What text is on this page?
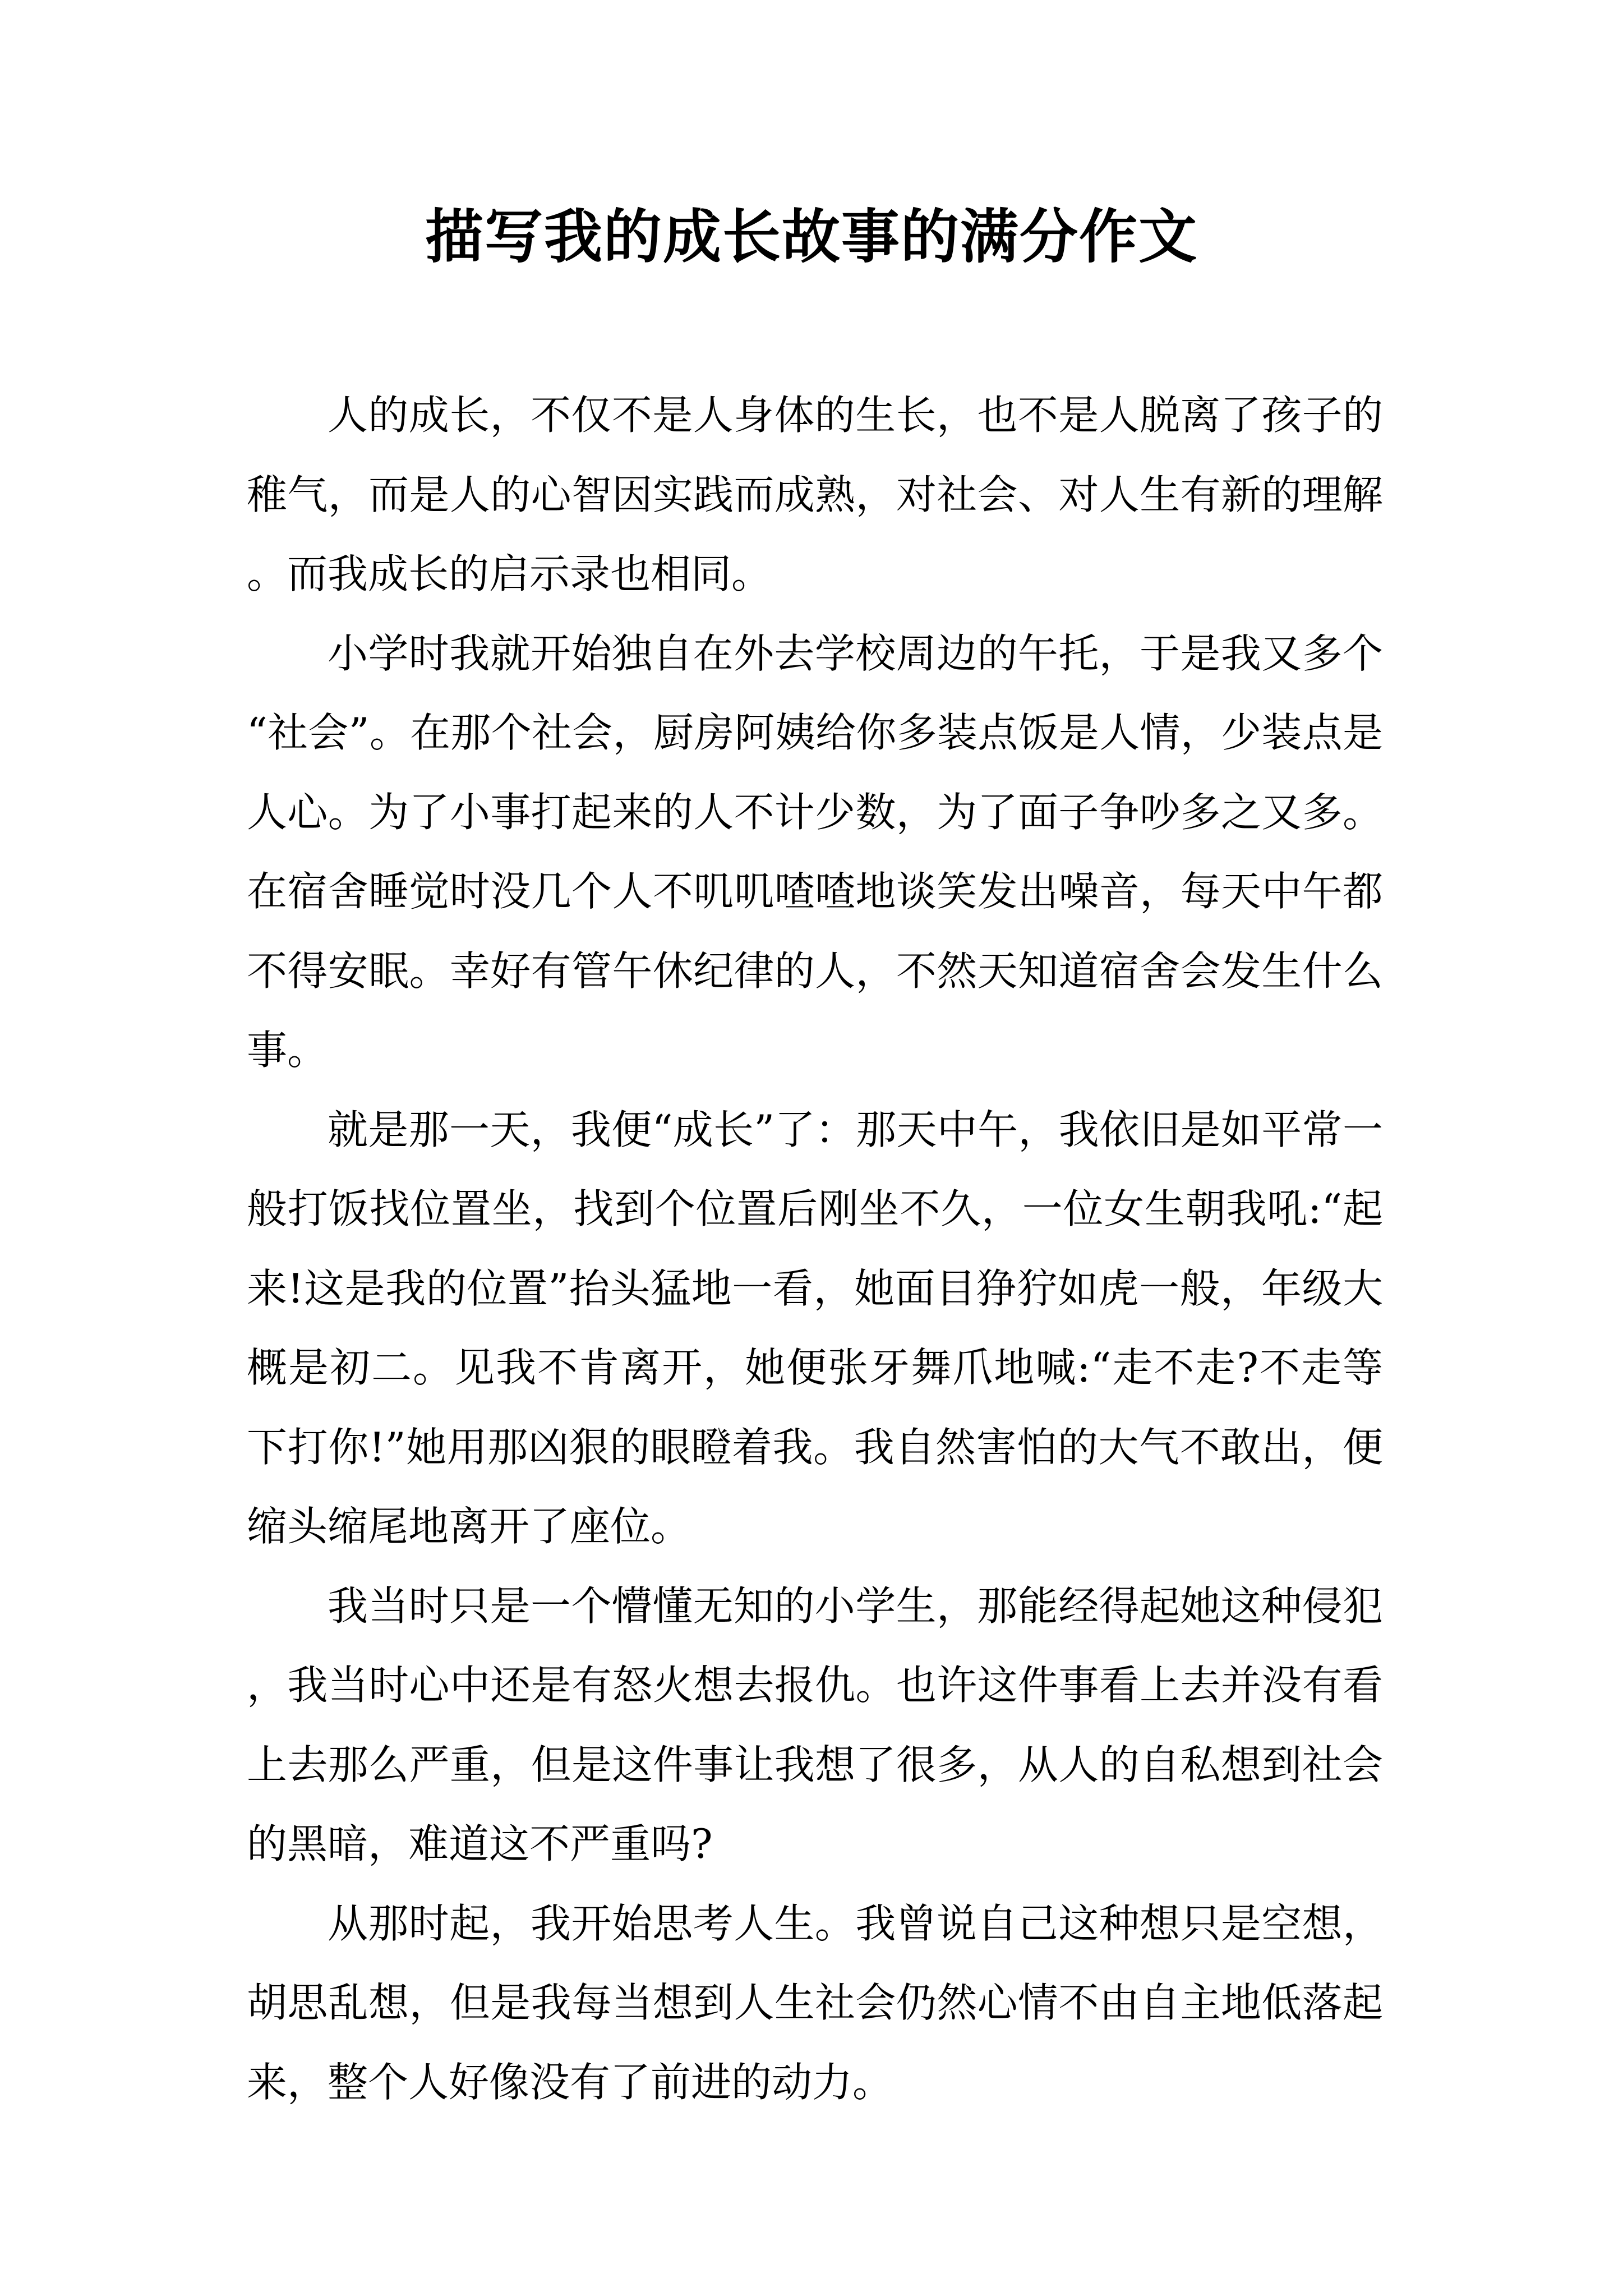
描写我的成长故事的满分作文

人的成长，不仅不是人身体的生长，也不是人脱离了孩子的稚气，而是人的心智因实践而成熟，对社会、对人生有新的理解。而我成长的启示录也相同。

小学时我就开始独自在外去学校周边的午托，于是我又多个“社会”。在那个社会，厨房阿姨给你多装点饭是人情，少装点是人心。为了小事打起来的人不计少数，为了面子争吵多之又多。在宿舍睡觉时没几个人不叽叽喳喳地谈笑发出噪音，每天中午都不得安眠。幸好有管午休纪律的人，不然天知道宿舍会发生什么事。

就是那一天，我便“成长”了：那天中午，我依旧是如平常一般打饭找位置坐，找到个位置后刚坐不久，一位女生朝我吼:“起来!这是我的位置”抬头猛地一看，她面目狰狞如虎一般，年级大概是初二。见我不肯离开，她便张牙舞爪地喊:“走不走?不走等下打你!”她用那凶狠的眼瞪着我。我自然害怕的大气不敢出，便缩头缩尾地离开了座位。

我当时只是一个懵懂无知的小学生，那能经得起她这种侵犯，我当时心中还是有怒火想去报仇。也许这件事看上去并没有看上去那么严重，但是这件事让我想了很多，从人的自私想到社会的黑暗，难道这不严重吗?

从那时起，我开始思考人生。我曾说自己这种想只是空想，胡思乱想，但是我每当想到人生社会仍然心情不由自主地低落起来，整个人好像没有了前进的动力。
